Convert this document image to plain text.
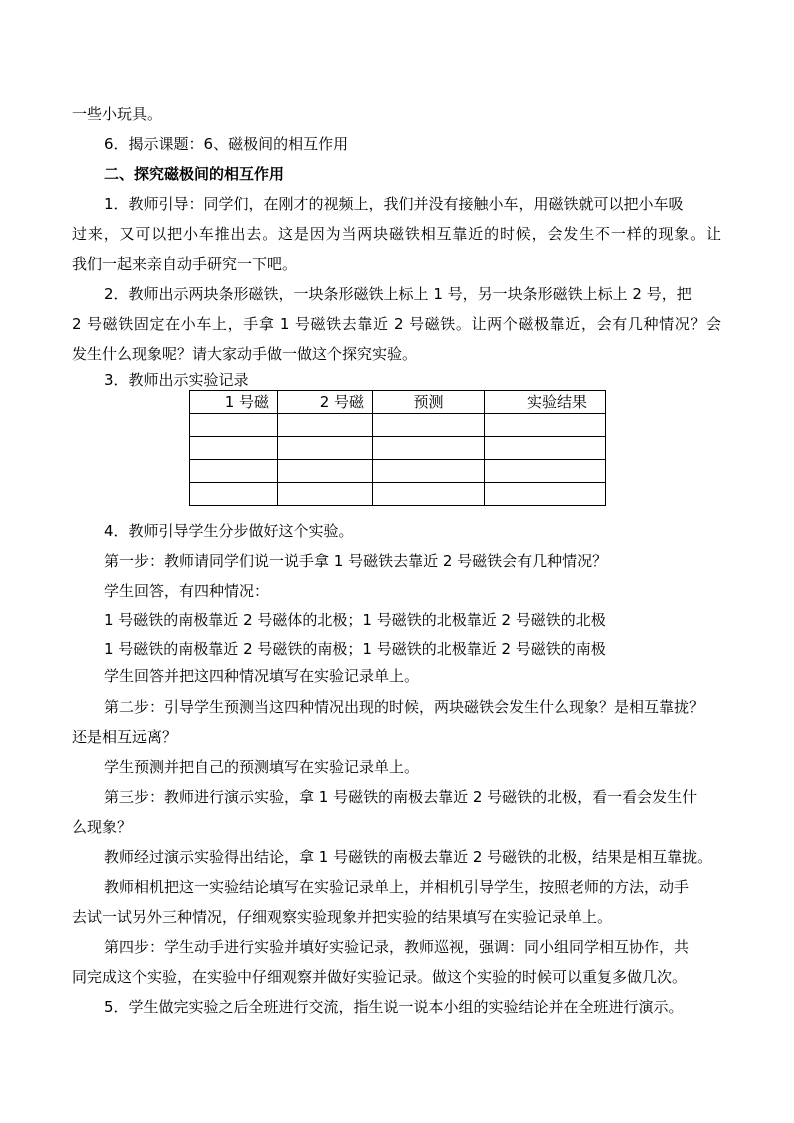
一些小玩具。
6．揭示课题：6、磁极间的相互作用
二、探究磁极间的相互作用
1．教师引导：同学们，在刚才的视频上，我们并没有接触小车，用磁铁就可以把小车吸
过来，又可以把小车推出去。这是因为当两块磁铁相互靠近的时候，会发生不一样的现象。让
我们一起来亲自动手研究一下吧。
2．教师出示两块条形磁铁，一块条形磁铁上标上 1 号，另一块条形磁铁上标上 2 号，把
2 号磁铁固定在小车上，手拿 1 号磁铁去靠近 2 号磁铁。让两个磁极靠近，会有几种情况？会
发生什么现象呢？请大家动手做一做这个探究实验。
3．教师出示实验记录
1 号磁	2 号磁	预测	实验结果

4．教师引导学生分步做好这个实验。
第一步：教师请同学们说一说手拿 1 号磁铁去靠近 2 号磁铁会有几种情况？
学生回答，有四种情况：
1 号磁铁的南极靠近 2 号磁体的北极；1 号磁铁的北极靠近 2 号磁铁的北极
1 号磁铁的南极靠近 2 号磁铁的南极；1 号磁铁的北极靠近 2 号磁铁的南极
学生回答并把这四种情况填写在实验记录单上。
第二步：引导学生预测当这四种情况出现的时候，两块磁铁会发生什么现象？是相互靠拢？
还是相互远离？
学生预测并把自己的预测填写在实验记录单上。
第三步：教师进行演示实验，拿 1 号磁铁的南极去靠近 2 号磁铁的北极，看一看会发生什
么现象？
教师经过演示实验得出结论，拿 1 号磁铁的南极去靠近 2 号磁铁的北极，结果是相互靠拢。
教师相机把这一实验结论填写在实验记录单上，并相机引导学生，按照老师的方法，动手
去试一试另外三种情况，仔细观察实验现象并把实验的结果填写在实验记录单上。
第四步：学生动手进行实验并填好实验记录，教师巡视，强调：同小组同学相互协作，共
同完成这个实验，在实验中仔细观察并做好实验记录。做这个实验的时候可以重复多做几次。
5．学生做完实验之后全班进行交流，指生说一说本小组的实验结论并在全班进行演示。
